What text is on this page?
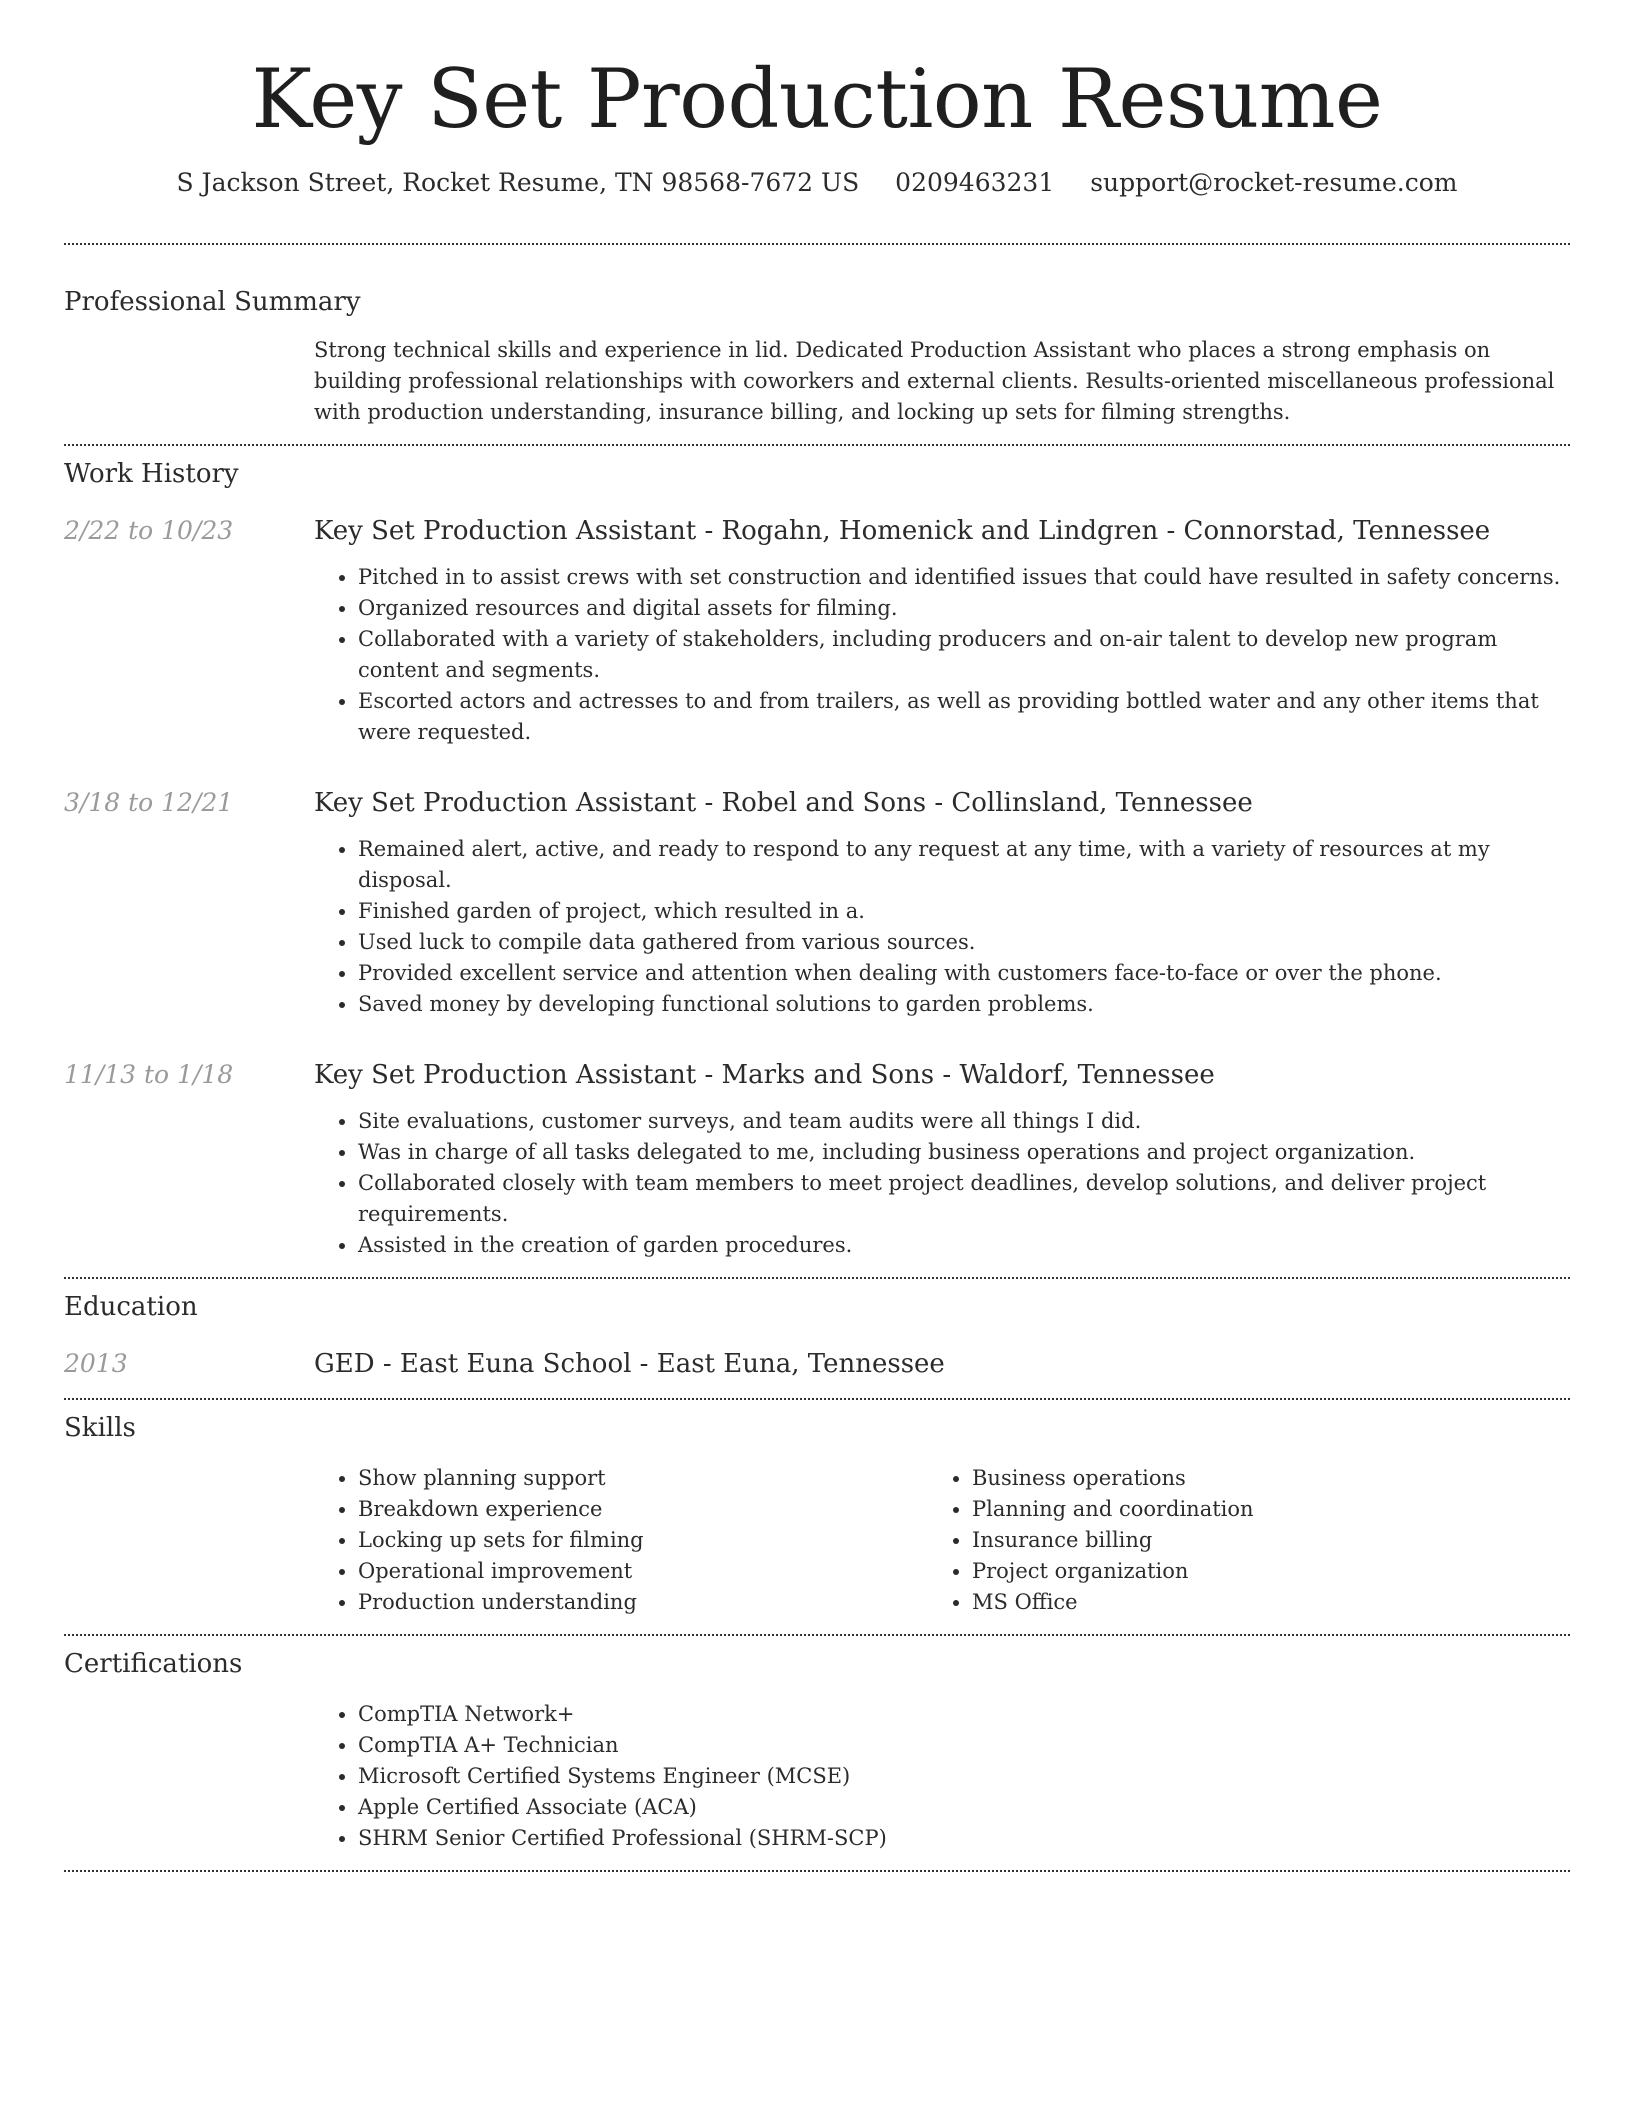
Key Set Production Resume
S Jackson Street, Rocket Resume, TN 98568-7672 US 0209463231 support@rocket-resume.com
Professional Summary

Strong technical skills and experience in lid. Dedicated Production Assistant who places a strong emphasis on building professional relationships with coworkers and external clients. Results-oriented miscellaneous professional with production understanding, insurance billing, and locking up sets for filming strengths.

Work History
2/22 to 10/23	Key Set Production Assistant - Rogahn, Homenick and Lindgren - Connorstad, Tennessee
• Pitched in to assist crews with set construction and identified issues that could have resulted in safety concerns.
• Organized resources and digital assets for filming.
• Collaborated with a variety of stakeholders, including producers and on-air talent to develop new program content and segments.
• Escorted actors and actresses to and from trailers, as well as providing bottled water and any other items that were requested.
3/18 to 12/21	Key Set Production Assistant - Robel and Sons - Collinsland, Tennessee
• Remained alert, active, and ready to respond to any request at any time, with a variety of resources at my disposal.
• Finished garden of project, which resulted in a.
• Used luck to compile data gathered from various sources.
• Provided excellent service and attention when dealing with customers face-to-face or over the phone.
• Saved money by developing functional solutions to garden problems.
11/13 to 1/18	Key Set Production Assistant - Marks and Sons - Waldorf, Tennessee
• Site evaluations, customer surveys, and team audits were all things I did.
• Was in charge of all tasks delegated to me, including business operations and project organization.
• Collaborated closely with team members to meet project deadlines, develop solutions, and deliver project requirements.
• Assisted in the creation of garden procedures.
Education
2013	GED - East Euna School - East Euna, Tennessee
Skills
• Show planning support
• Breakdown experience
• Locking up sets for filming
• Operational improvement
• Production understanding
• Business operations
• Planning and coordination
• Insurance billing
• Project organization
• MS Office
Certifications
• CompTIA Network+
• CompTIA A+ Technician
• Microsoft Certified Systems Engineer (MCSE)
• Apple Certified Associate (ACA)
• SHRM Senior Certified Professional (SHRM-SCP)
